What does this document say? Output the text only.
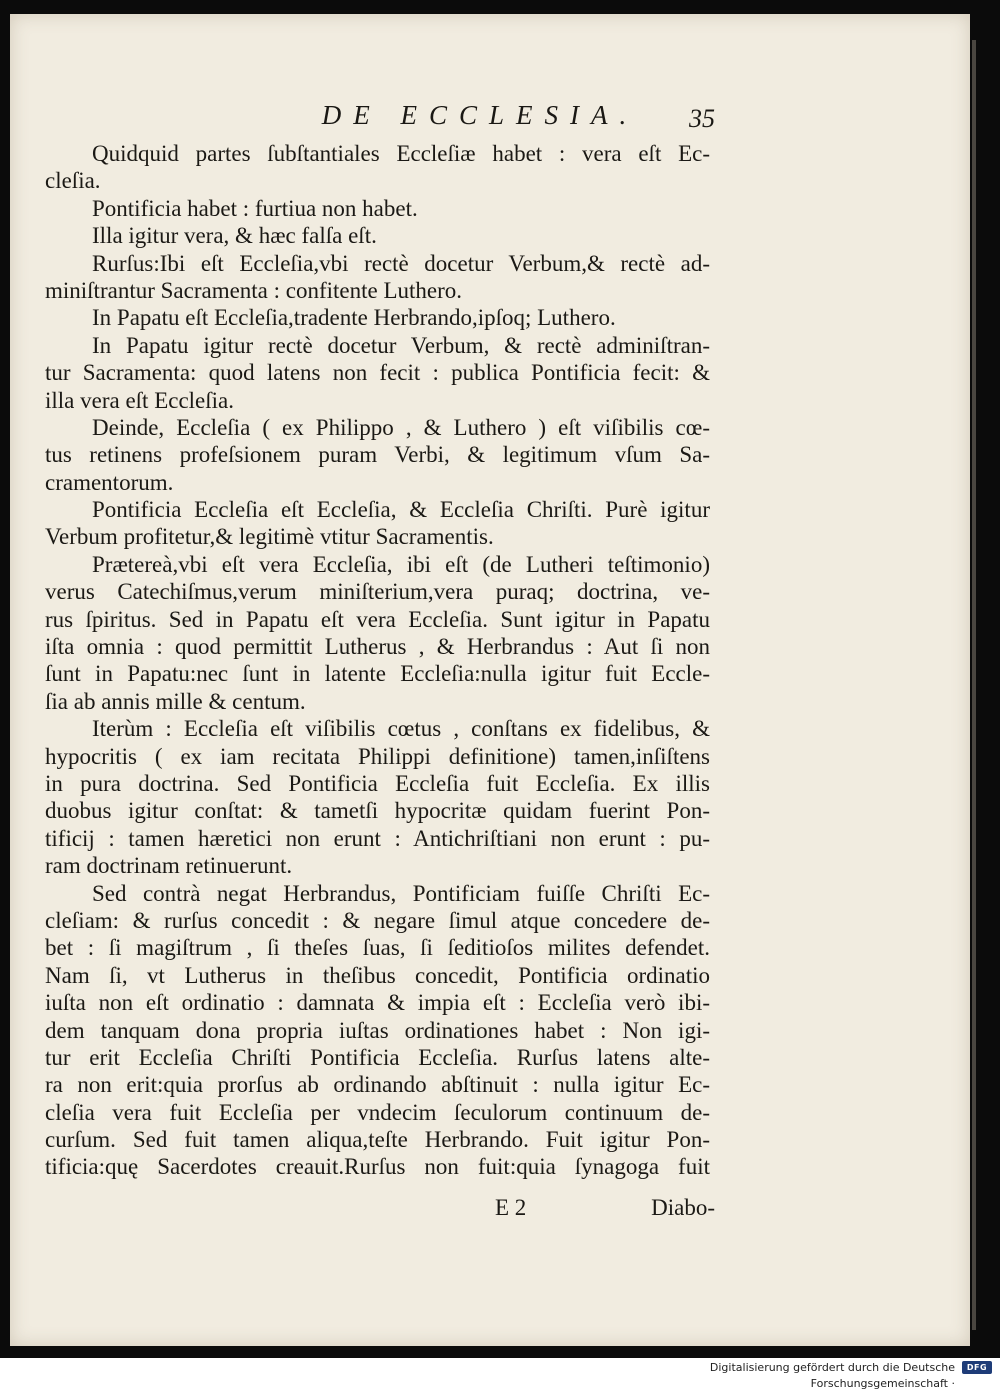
DE ECCLESIA.	35
Quidquid partes ſubſtantiales Eccleſiæ habet : vera eſt Ec-
cleſia.
Pontificia habet : furtiua non habet.
Illa igitur vera, & hæc falſa eſt.
Rurſus:Ibi eſt Eccleſia,vbi rectè docetur Verbum,& rectè ad-
miniſtrantur Sacramenta : confitente Luthero.
In Papatu eſt Eccleſia,tradente Herbrando,ipſoq; Luthero.
In Papatu igitur rectè docetur Verbum, & rectè adminiſtran-
tur Sacramenta: quod latens non fecit : publica Pontificia fecit: &
illa vera eſt Eccleſia.
Deinde, Eccleſia ( ex Philippo , & Luthero ) eſt viſibilis cœ-
tus retinens profeſsionem puram Verbi, & legitimum vſum Sa-
cramentorum.
Pontificia Eccleſia eſt Eccleſia, & Eccleſia Chriſti. Purè igitur
Verbum profitetur,& legitimè vtitur Sacramentis.
Prætereà,vbi eſt vera Eccleſia, ibi eſt (de Lutheri teſtimonio)
verus Catechiſmus,verum miniſterium,vera puraq; doctrina, ve-
rus ſpiritus. Sed in Papatu eſt vera Eccleſia. Sunt igitur in Papatu
iſta omnia : quod permittit Lutherus , & Herbrandus : Aut ſi non
ſunt in Papatu:nec ſunt in latente Eccleſia:nulla igitur fuit Eccle-
ſia ab annis mille & centum.
Iterùm : Eccleſia eſt viſibilis cœtus , conſtans ex fidelibus, &
hypocritis ( ex iam recitata Philippi definitione) tamen,inſiſtens
in pura doctrina. Sed Pontificia Eccleſia fuit Eccleſia. Ex illis
duobus igitur conſtat: & tametſi hypocritæ quidam fuerint Pon-
tificij : tamen hæretici non erunt : Antichriſtiani non erunt : pu-
ram doctrinam retinuerunt.
Sed contrà negat Herbrandus, Pontificiam fuiſſe Chriſti Ec-
cleſiam: & rurſus concedit : & negare ſimul atque concedere de-
bet : ſi magiſtrum , ſi theſes ſuas, ſi ſeditioſos milites defendet.
Nam ſi, vt Lutherus in theſibus concedit, Pontificia ordinatio
iuſta non eſt ordinatio : damnata & impia eſt : Eccleſia verò ibi-
dem tanquam dona propria iuſtas ordinationes habet : Non igi-
tur erit Eccleſia Chriſti Pontificia Eccleſia. Rurſus latens alte-
ra non erit:quia prorſus ab ordinando abſtinuit : nulla igitur Ec-
cleſia vera fuit Eccleſia per vndecim ſeculorum continuum de-
curſum. Sed fuit tamen aliqua,teſte Herbrando. Fuit igitur Pon-
tificia:quę Sacerdotes creauit.Rurſus non fuit:quia ſynagoga fuit
E 2	Diabo-
Digitalisierung gefördert durch die Deutsche Forschungsgemeinschaft ·
DFG
